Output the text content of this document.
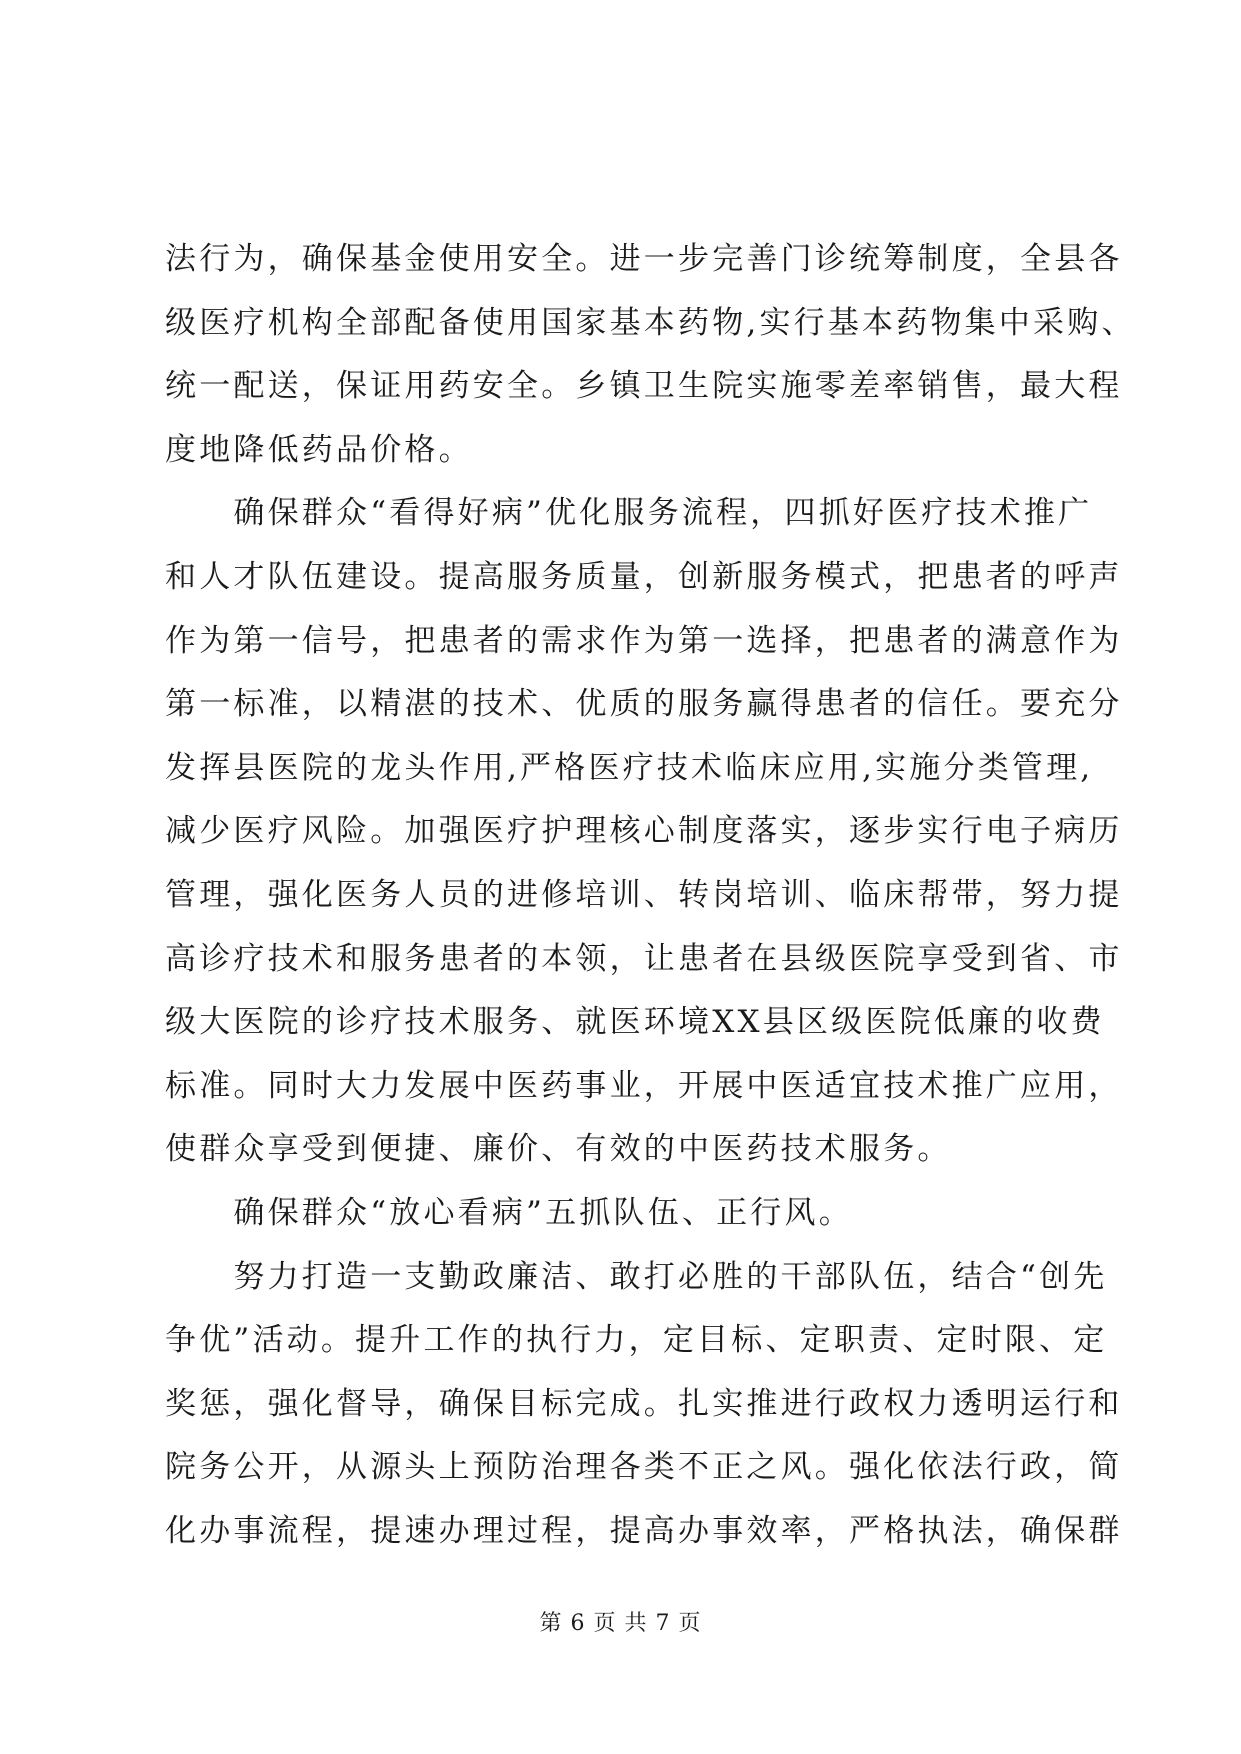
法行为，确保基金使用安全。进一步完善门诊统筹制度，全县各
级医疗机构全部配备使用国家基本药物,实行基本药物集中采购、
统一配送，保证用药安全。乡镇卫生院实施零差率销售，最大程
度地降低药品价格。
　　确保群众“看得好病”优化服务流程，四抓好医疗技术推广
和人才队伍建设。提高服务质量，创新服务模式，把患者的呼声
作为第一信号，把患者的需求作为第一选择，把患者的满意作为
第一标准，以精湛的技术、优质的服务赢得患者的信任。要充分
发挥县医院的龙头作用,严格医疗技术临床应用,实施分类管理,
减少医疗风险。加强医疗护理核心制度落实，逐步实行电子病历
管理，强化医务人员的进修培训、转岗培训、临床帮带，努力提
高诊疗技术和服务患者的本领，让患者在县级医院享受到省、市
级大医院的诊疗技术服务、就医环境XX县区级医院低廉的收费
标准。同时大力发展中医药事业，开展中医适宜技术推广应用，
使群众享受到便捷、廉价、有效的中医药技术服务。
　　确保群众“放心看病”五抓队伍、正行风。
　　努力打造一支勤政廉洁、敢打必胜的干部队伍，结合“创先
争优”活动。提升工作的执行力，定目标、定职责、定时限、定
奖惩，强化督导，确保目标完成。扎实推进行政权力透明运行和
院务公开，从源头上预防治理各类不正之风。强化依法行政，简
化办事流程，提速办理过程，提高办事效率，严格执法，确保群
第 6 页 共 7 页
